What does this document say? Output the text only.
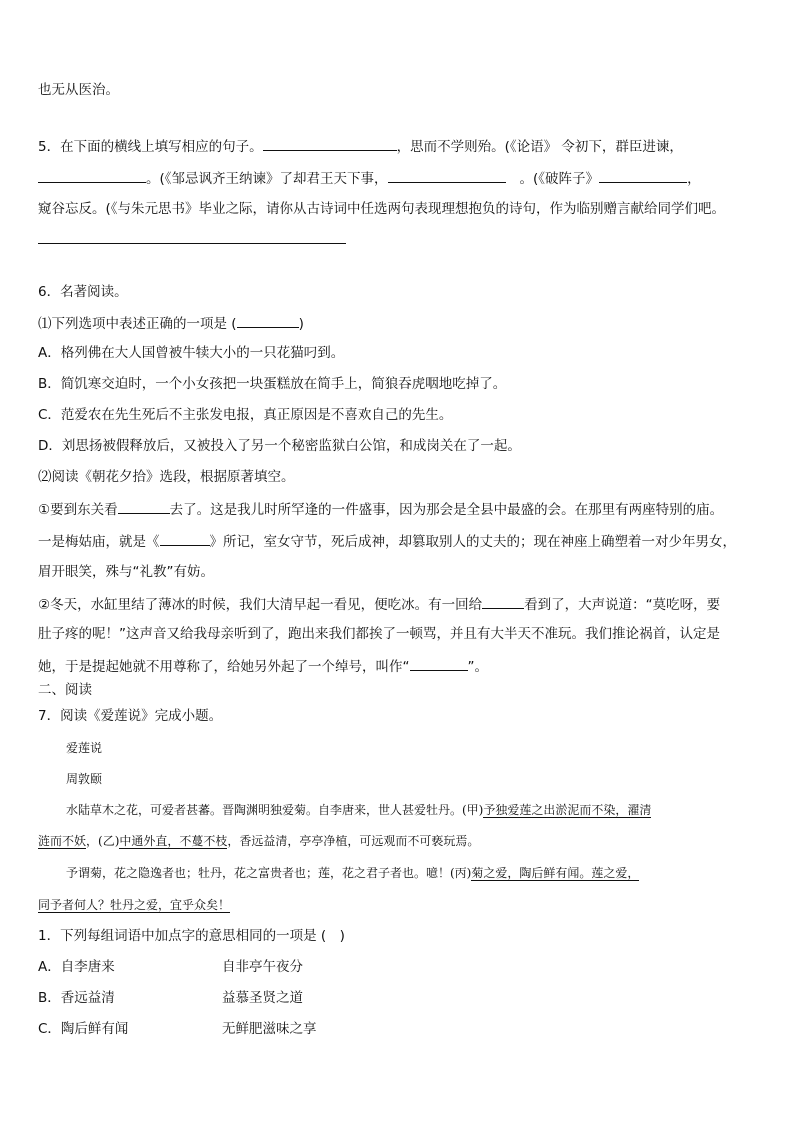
也无从医治。
5．在下面的横线上填写相应的句子。	，思而不学则殆。(《论语》 令初下，群臣进谏，
。(《邹忌讽齐王纳谏》了却君王天下事，	。(《破阵子》	，
窥谷忘反。(《与朱元思书》毕业之际，请你从古诗词中任选两句表现理想抱负的诗句，作为临别赠言献给同学们吧。
6．名著阅读。
⑴下列选项中表述正确的一项是 (	)
A．格列佛在大人国曾被牛犊大小的一只花猫叼到。
B．简饥寒交迫时，一个小女孩把一块蛋糕放在简手上，简狼吞虎咽地吃掉了。
C．范爱农在先生死后不主张发电报，真正原因是不喜欢自己的先生。
D．刘思扬被假释放后，又被投入了另一个秘密监狱白公馆，和成岗关在了一起。
⑵阅读《朝花夕拾》选段，根据原著填空。
①要到东关看	去了。这是我儿时所罕逢的一件盛事，因为那会是全县中最盛的会。在那里有两座特别的庙。
一是梅姑庙，就是《	》所记，室女守节，死后成神，却篡取别人的丈夫的；现在神座上确塑着一对少年男女，
眉开眼笑，殊与“礼教”有妨。
②冬天，水缸里结了薄冰的时候，我们大清早起一看见，便吃冰。有一回给	看到了，大声说道：“莫吃呀，要
肚子疼的呢！”这声音又给我母亲听到了，跑出来我们都挨了一顿骂，并且有大半天不准玩。我们推论祸首，认定是
她，于是提起她就不用尊称了，给她另外起了一个绰号，叫作“	”。
二、阅读
7．阅读《爱莲说》完成小题。
爱莲说
周敦颐
水陆草木之花，可爱者甚蕃。晋陶渊明独爱菊。自李唐来，世人甚爱牡丹。(甲)予独爱莲之出淤泥而不染，濯清
涟而不妖，(乙)中通外直，不蔓不枝，香远益清，亭亭净植，可远观而不可亵玩焉。
予谓菊，花之隐逸者也；牡丹，花之富贵者也；莲，花之君子者也。噫！(丙)菊之爱，陶后鲜有闻。莲之爱，
同予者何人？牡丹之爱，宜乎众矣！
1．下列每组词语中加点字的意思相同的一项是 (　)
A．自李唐来	自非亭午夜分
B．香远益清	益慕圣贤之道
C．陶后鲜有闻	无鲜肥滋味之享
